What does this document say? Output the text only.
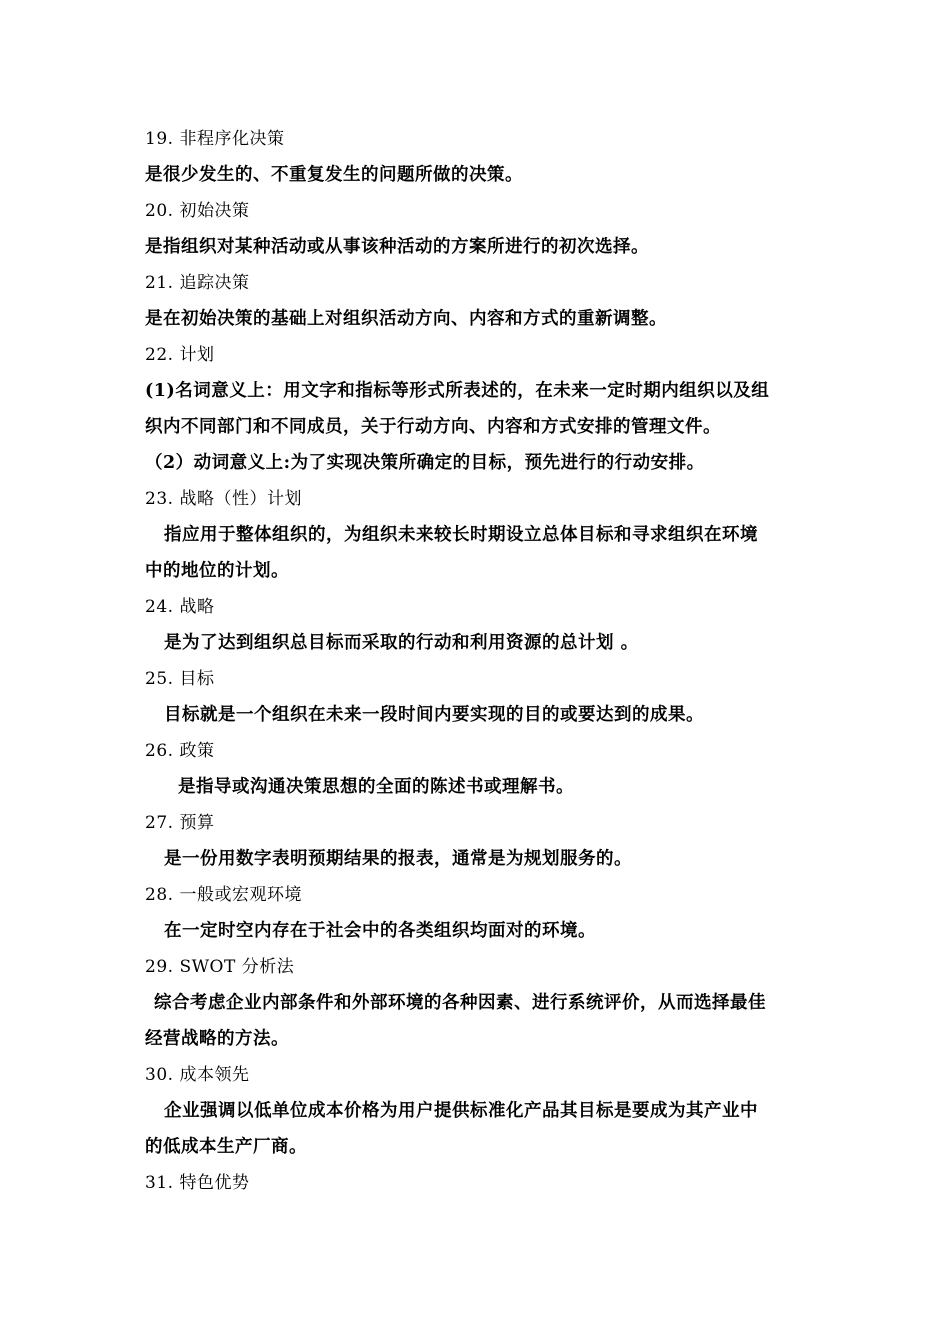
19. 非程序化决策
是很少发生的、不重复发生的问题所做的决策。
20. 初始决策
是指组织对某种活动或从事该种活动的方案所进行的初次选择。
21. 追踪决策
是在初始决策的基础上对组织活动方向、内容和方式的重新调整。
22. 计划
(1)名词意义上：用文字和指标等形式所表述的，在未来一定时期内组织以及组
织内不同部门和不同成员，关于行动方向、内容和方式安排的管理文件。
（2）动词意义上:为了实现决策所确定的目标，预先进行的行动安排。
23. 战略（性）计划
指应用于整体组织的，为组织未来较长时期设立总体目标和寻求组织在环境
中的地位的计划。
24. 战略
是为了达到组织总目标而采取的行动和利用资源的总计划 。
25. 目标
目标就是一个组织在未来一段时间内要实现的目的或要达到的成果。
26. 政策
是指导或沟通决策思想的全面的陈述书或理解书。
27. 预算
是一份用数字表明预期结果的报表，通常是为规划服务的。
28. 一般或宏观环境
在一定时空内存在于社会中的各类组织均面对的环境。
29. SWOT 分析法
综合考虑企业内部条件和外部环境的各种因素、进行系统评价，从而选择最佳
经营战略的方法。
30. 成本领先
企业强调以低单位成本价格为用户提供标准化产品其目标是要成为其产业中
的低成本生产厂商。
31. 特色优势
